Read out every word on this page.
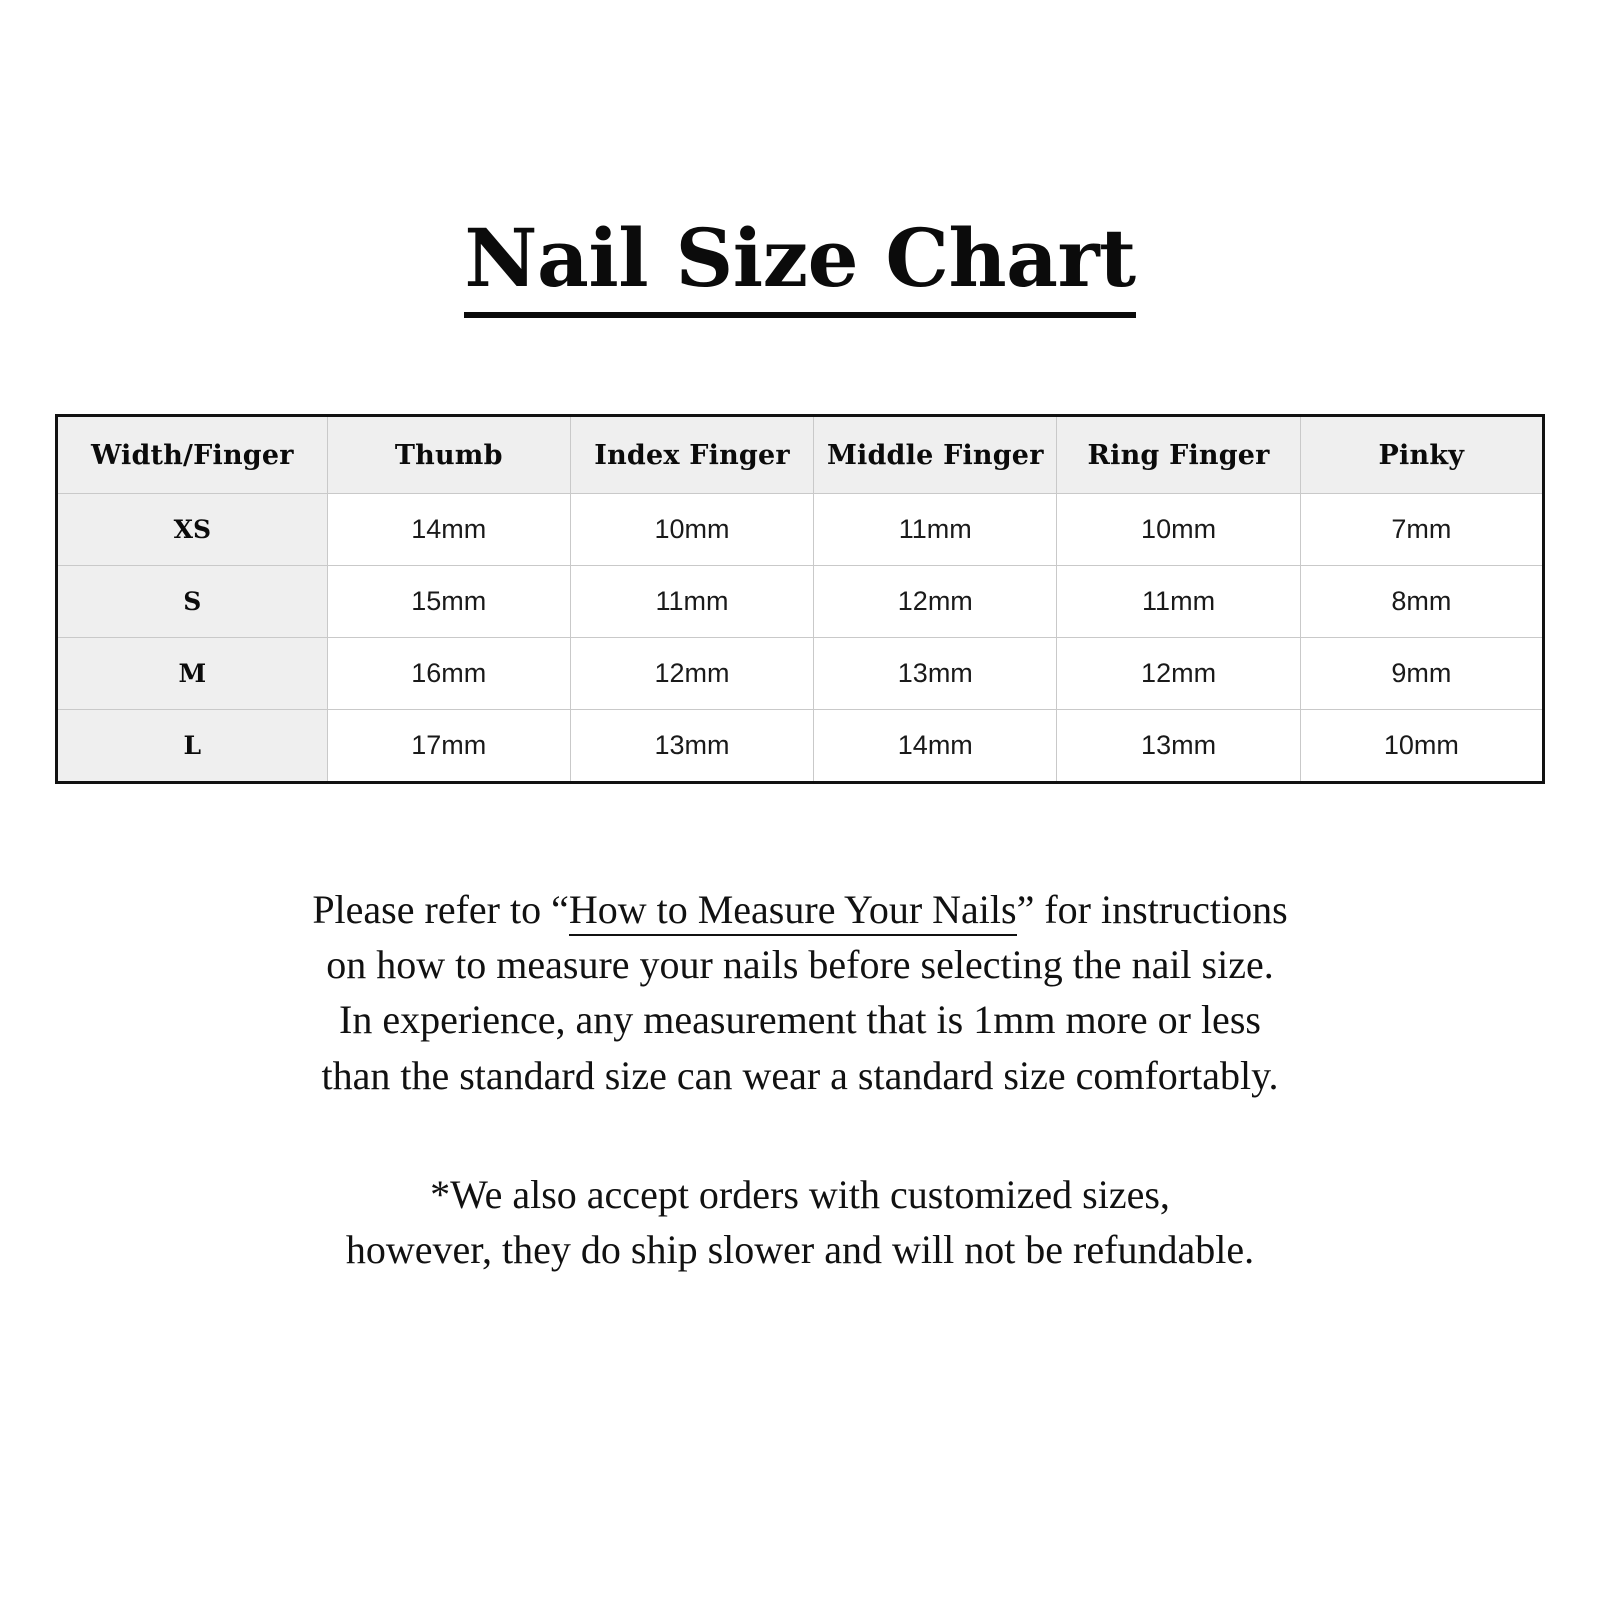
Nail Size Chart
Width/Finger	Thumb	Index Finger	Middle Finger	Ring Finger	Pinky
XS	14mm	10mm	11mm	10mm	7mm
S	15mm	11mm	12mm	11mm	8mm
M	16mm	12mm	13mm	12mm	9mm
L	17mm	13mm	14mm	13mm	10mm

Please refer to “How to Measure Your Nails” for instructions
on how to measure your nails before selecting the nail size.
In experience, any measurement that is 1mm more or less
than the standard size can wear a standard size comfortably.

*We also accept orders with customized sizes,
however, they do ship slower and will not be refundable.
